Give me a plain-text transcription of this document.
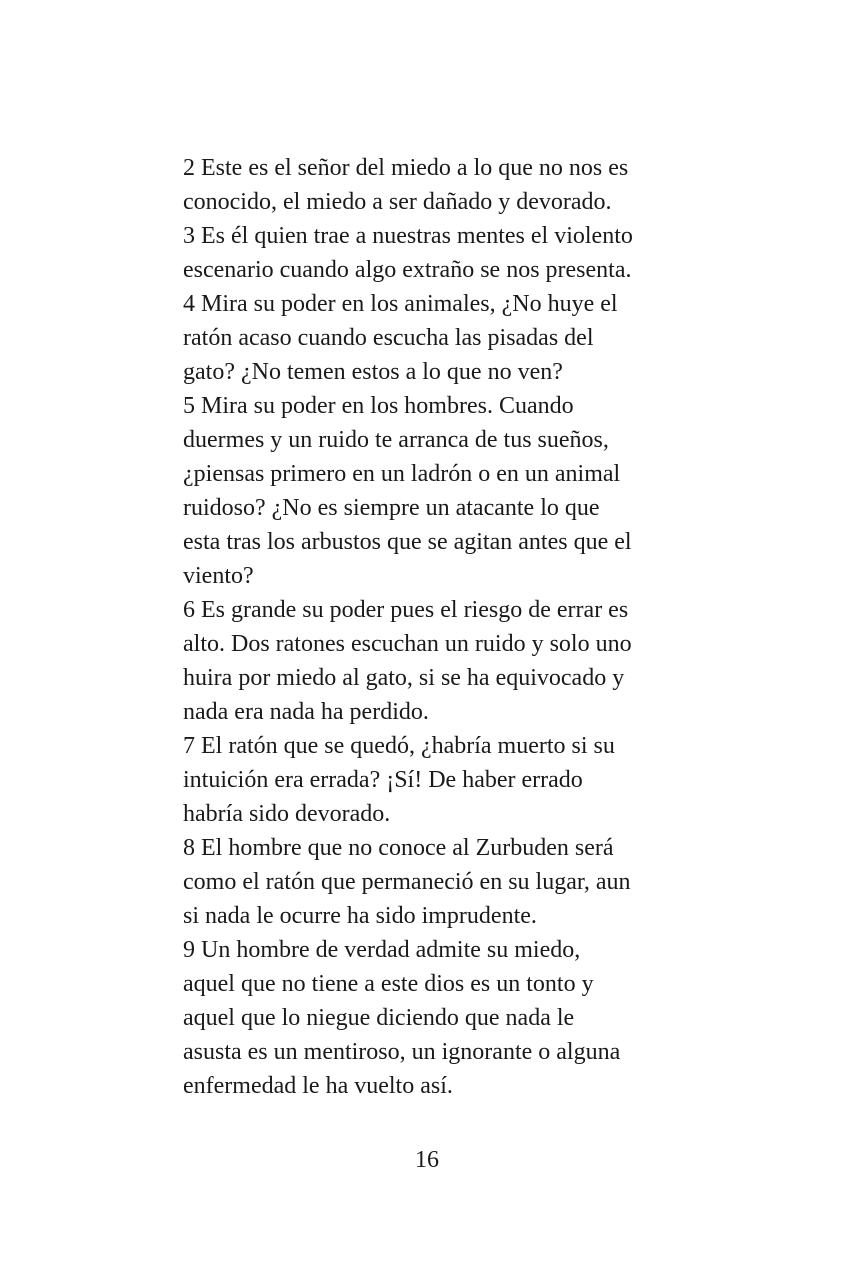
2 Este es el señor del miedo a lo que no nos es
conocido, el miedo a ser dañado y devorado.
3 Es él quien trae a nuestras mentes el violento
escenario cuando algo extraño se nos presenta.
4 Mira su poder en los animales, ¿No huye el
ratón acaso cuando escucha las pisadas del
gato? ¿No temen estos a lo que no ven?
5 Mira su poder en los hombres. Cuando
duermes y un ruido te arranca de tus sueños,
¿piensas primero en un ladrón o en un animal
ruidoso? ¿No es siempre un atacante lo que
esta tras los arbustos que se agitan antes que el
viento?
6 Es grande su poder pues el riesgo de errar es
alto. Dos ratones escuchan un ruido y solo uno
huira por miedo al gato, si se ha equivocado y
nada era nada ha perdido.
7 El ratón que se quedó, ¿habría muerto si su
intuición era errada? ¡Sí! De haber errado
habría sido devorado.
8 El hombre que no conoce al Zurbuden será
como el ratón que permaneció en su lugar, aun
si nada le ocurre ha sido imprudente.
9 Un hombre de verdad admite su miedo,
aquel que no tiene a este dios es un tonto y
aquel que lo niegue diciendo que nada le
asusta es un mentiroso, un ignorante o alguna
enfermedad le ha vuelto así.
16
